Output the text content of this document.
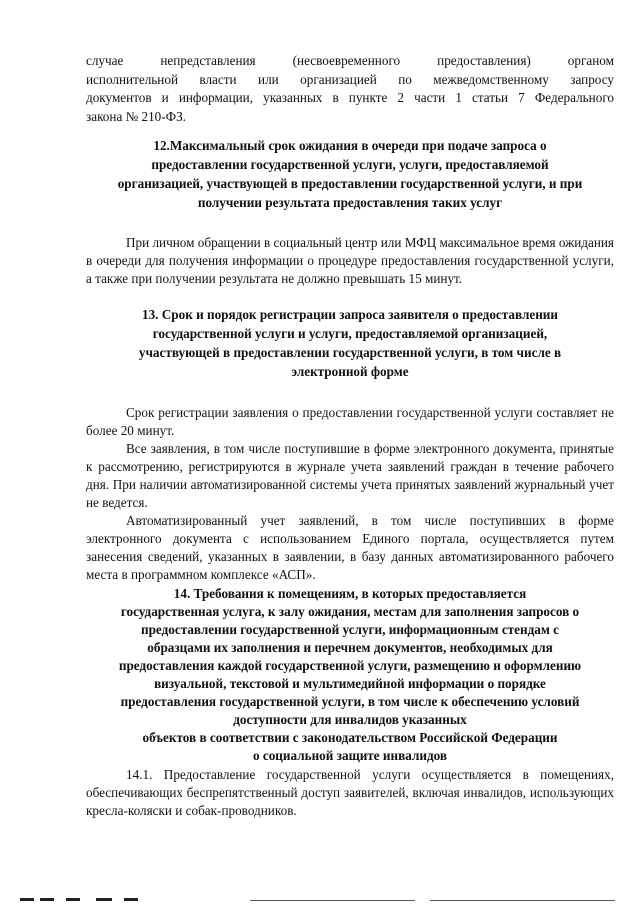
случае непредставления (несвоевременного предоставления) органом
исполнительной власти или организацией по межведомственному запросу
документов и информации, указанных в пункте 2 части 1 статьи 7 Федерального
закона № 210-ФЗ.
12.Максимальный срок ожидания в очереди при подаче запроса о
предоставлении государственной услуги, услуги, предоставляемой
организацией, участвующей в предоставлении государственной услуги, и при
получении результата предоставления таких услуг

При личном обращении в социальный центр или МФЦ максимальное время ожидания в очереди для получения информации о процедуре предоставления государственной услуги, а также при получении результата не должно превышать 15 минут.

13. Срок и порядок регистрации запроса заявителя о предоставлении
государственной услуги и услуги, предоставляемой организацией,
участвующей в предоставлении государственной услуги, в том числе в
электронной форме

Срок регистрации заявления о предоставлении государственной услуги составляет не более 20 минут.

Все заявления, в том числе поступившие в форме электронного документа, принятые к рассмотрению, регистрируются в журнале учета заявлений граждан в течение рабочего дня. При наличии автоматизированной системы учета принятых заявлений журнальный учет не ведется.

Автоматизированный учет заявлений, в том числе поступивших в форме электронного документа с использованием Единого портала, осуществляется путем занесения сведений, указанных в заявлении, в базу данных автоматизированного рабочего места в программном комплексе «АСП».

14. Требования к помещениям, в которых предоставляется
государственная услуга, к залу ожидания, местам для заполнения запросов о
предоставлении государственной услуги, информационным стендам с
образцами их заполнения и перечнем документов, необходимых для
предоставления каждой государственной услуги, размещению и оформлению
визуальной, текстовой и мультимедийной информации о порядке
предоставления государственной услуги, в том числе к обеспечению условий
доступности для инвалидов указанных
объектов в соответствии с законодательством Российской Федерации
о социальной защите инвалидов

14.1. Предоставление государственной услуги осуществляется в помещениях, обеспечивающих беспрепятственный доступ заявителей, включая инвалидов, использующих кресла-коляски и собак-проводников.
